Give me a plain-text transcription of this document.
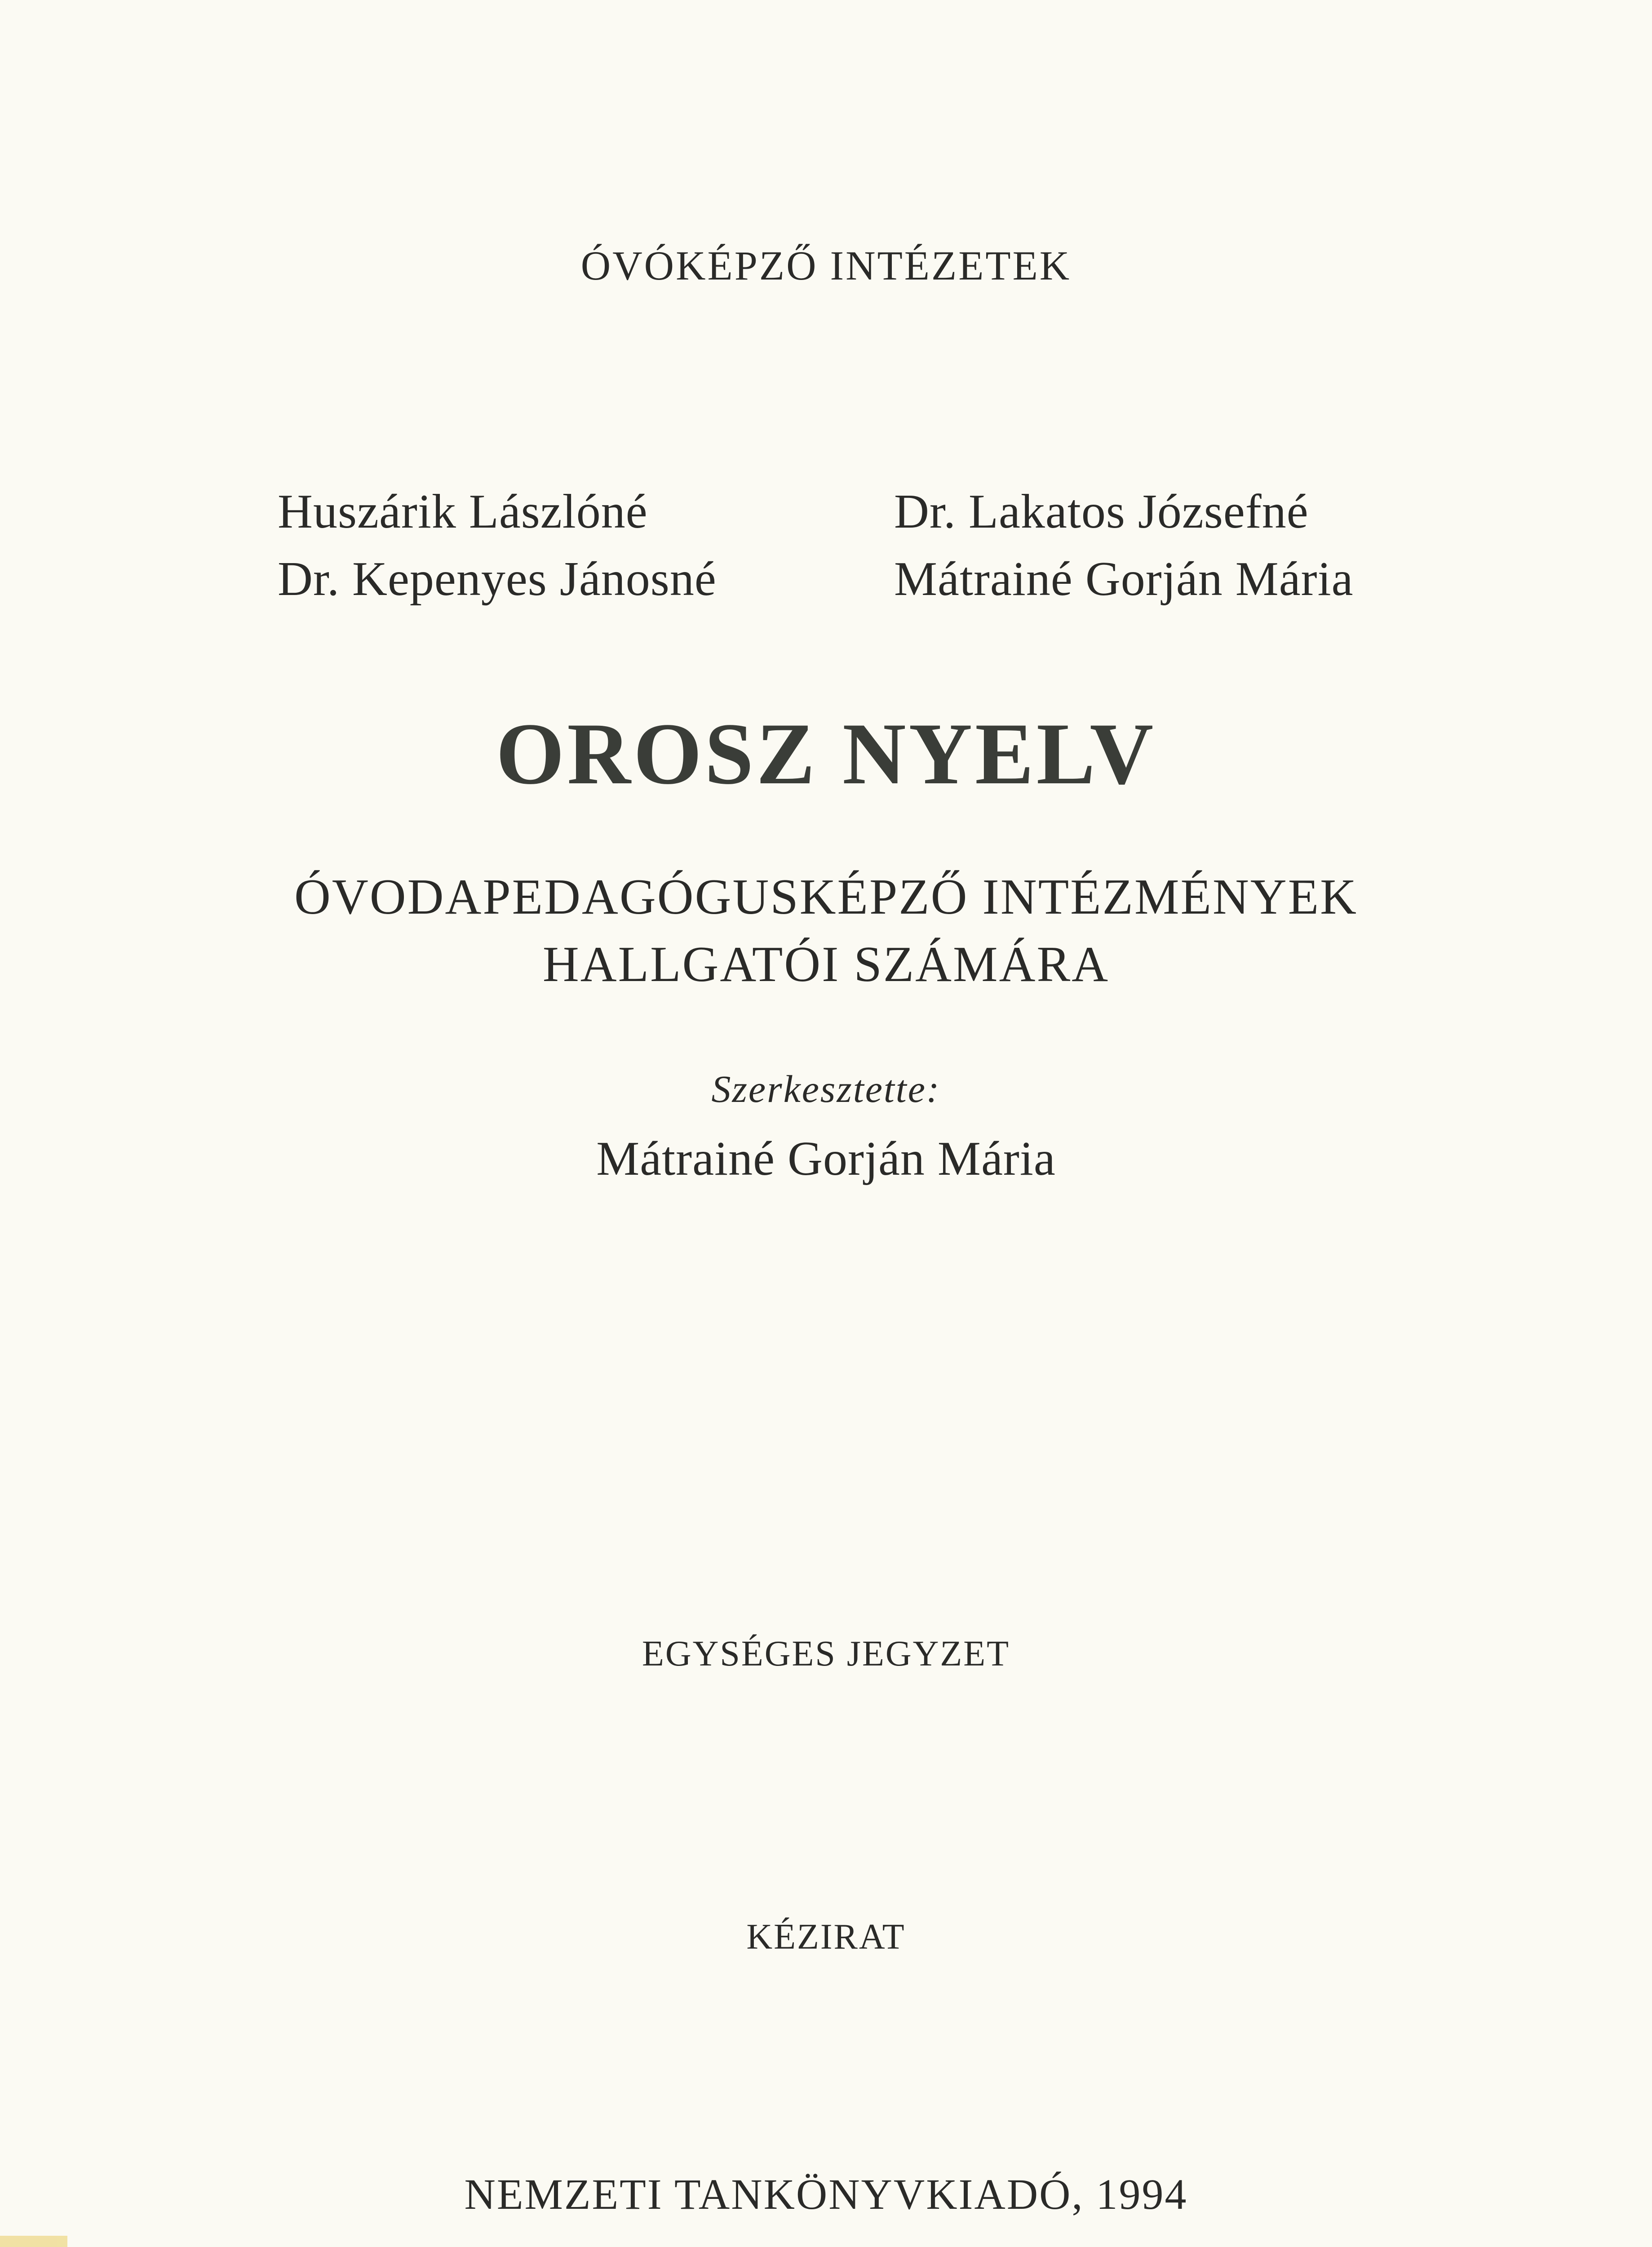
ÓVÓKÉPZŐ INTÉZETEK
Huszárik Lászlóné
Dr. Kepenyes Jánosné
Dr. Lakatos Józsefné
Mátrainé Gorján Mária
OROSZ NYELV
ÓVODAPEDAGÓGUSKÉPZŐ INTÉZMÉNYEK
HALLGATÓI SZÁMÁRA
Szerkesztette:
Mátrainé Gorján Mária
EGYSÉGES JEGYZET
KÉZIRAT
NEMZETI TANKÖNYVKIADÓ, 1994
